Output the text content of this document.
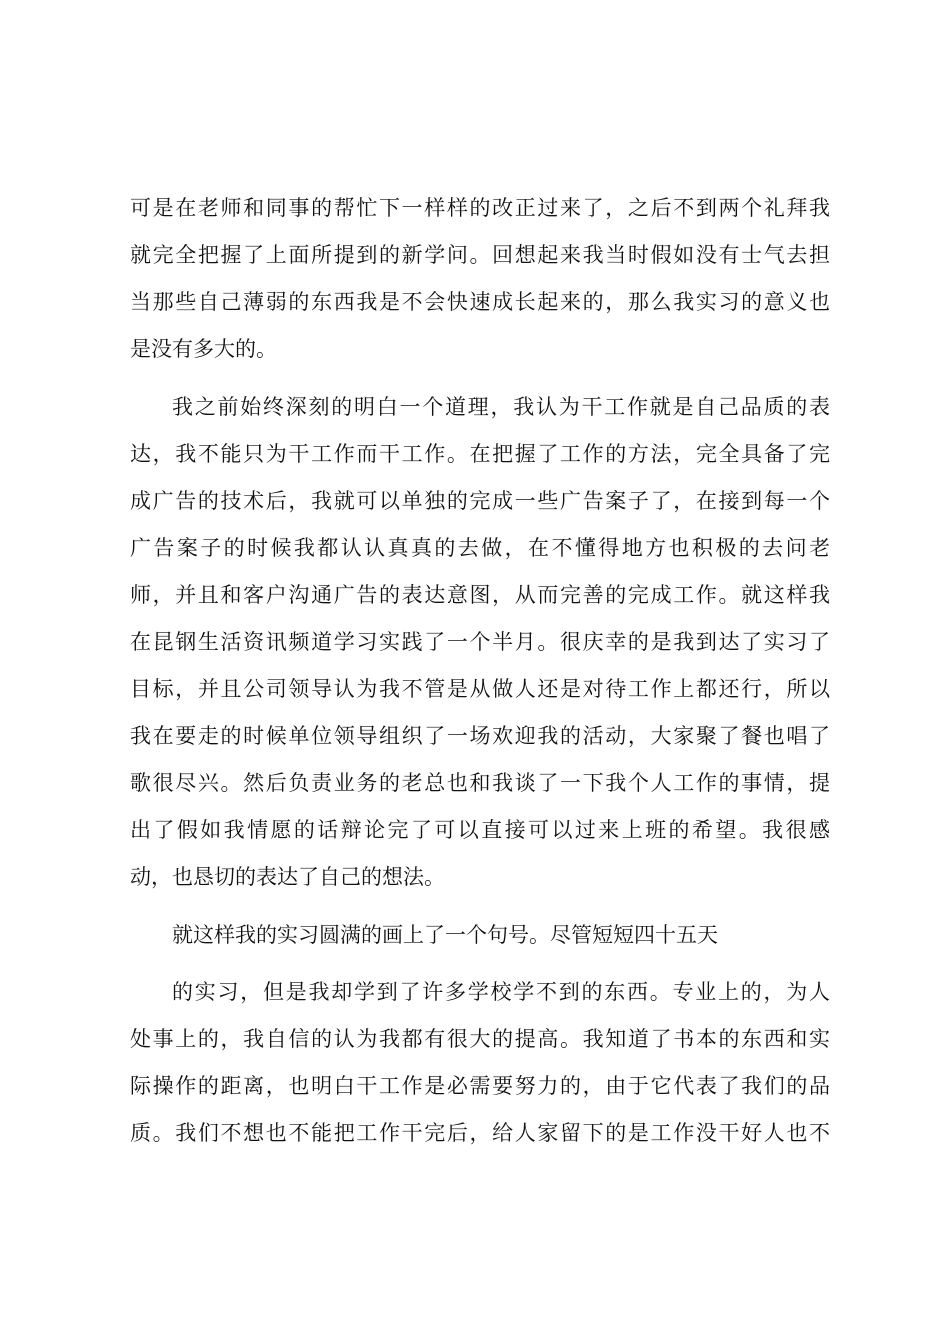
可是在老师和同事的帮忙下一样样的改正过来了，之后不到两个礼拜我
就完全把握了上面所提到的新学问。回想起来我当时假如没有士气去担
当那些自己薄弱的东西我是不会快速成长起来的，那么我实习的意义也
是没有多大的。
我之前始终深刻的明白一个道理，我认为干工作就是自己品质的表
达，我不能只为干工作而干工作。在把握了工作的方法，完全具备了完
成广告的技术后，我就可以单独的完成一些广告案子了，在接到每一个
广告案子的时候我都认认真真的去做，在不懂得地方也积极的去问老
师，并且和客户沟通广告的表达意图，从而完善的完成工作。就这样我
在昆钢生活资讯频道学习实践了一个半月。很庆幸的是我到达了实习了
目标，并且公司领导认为我不管是从做人还是对待工作上都还行，所以
我在要走的时候单位领导组织了一场欢迎我的活动，大家聚了餐也唱了
歌很尽兴。然后负责业务的老总也和我谈了一下我个人工作的事情，提
出了假如我情愿的话辩论完了可以直接可以过来上班的希望。我很感
动，也恳切的表达了自己的想法。
就这样我的实习圆满的画上了一个句号。尽管短短四十五天
的实习，但是我却学到了许多学校学不到的东西。专业上的，为人
处事上的，我自信的认为我都有很大的提高。我知道了书本的东西和实
际操作的距离，也明白干工作是必需要努力的，由于它代表了我们的品
质。我们不想也不能把工作干完后，给人家留下的是工作没干好人也不
